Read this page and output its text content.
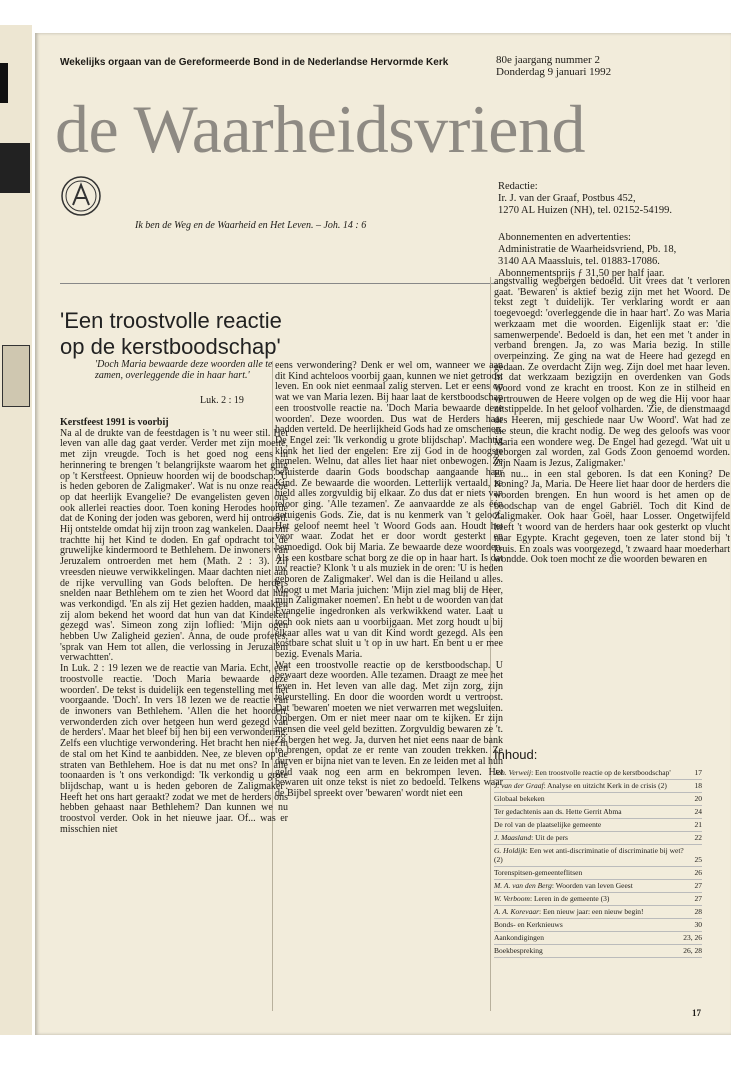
Wekelijks orgaan van de Gereformeerde Bond in de Nederlandse Hervormde Kerk	80e jaargang nummer 2
Donderdag 9 januari 1992
de Waarheidsvriend
Ik ben de Weg en de Waarheid en Het Leven. – Joh. 14 : 6
Redactie:
Ir. J. van der Graaf, Postbus 452,
1270 AL Huizen (NH), tel. 02152-54199.
Abonnementen en advertenties:
Administratie de Waarheidsvriend, Pb. 18,
3140 AA Maassluis, tel. 01883-17086.
Abonnementsprijs ƒ 31,50 per half jaar.
'Een troostvolle reactie op de kerstboodschap'
'Doch Maria bewaarde deze woorden alle te zamen, overleggende die in haar hart.'
Luk. 2 : 19

Kerstfeest 1991 is voorbij

Na al de drukte van de feestdagen is 't nu weer stil. Het leven van alle dag gaat verder. Verder met zijn moeite, met zijn vreugde. Toch is het goed nog eens in herinnering te brengen 't belangrijkste waarom het ging op 't Kerstfeest. Opnieuw hoorden wij de boodschap: 'U is heden geboren de Zaligmaker'. Wat is nu onze reactie op dat heerlijk Evangelie? De evangelisten geven ons ook allerlei reacties door. Toen koning Herodes hoorde dat de Koning der joden was geboren, werd hij ontroerd. Hij ontstelde omdat hij zijn troon zag wankelen. Daarom trachtte hij het Kind te doden. En gaf opdracht tot de gruwelijke kindermoord te Bethlehem. De inwoners van Jeruzalem ontroerden met hem (Math. 2 : 3). Zij vreesden nieuwe verwikkelingen. Maar dachten niet aan de rijke vervulling van Gods beloften. De herders snelden naar Bethlehem om te zien het Woord dat hun was verkondigd. 'En als zij Het gezien hadden, maakten zij alom bekend het woord dat hun van dat Kindeken gezegd was'. Simeon zong zijn loflied: 'Mijn ogen hebben Uw Zaligheid gezien'. Anna, de oude profetes, 'sprak van Hem tot allen, die verlossing in Jeruzalem verwachtten'.

In Luk. 2 : 19 lezen we de reactie van Maria. Echt, een troostvolle reactie. 'Doch Maria bewaarde deze woorden'. De tekst is duidelijk een tegenstelling met het voorgaande. 'Doch'. In vers 18 lezen we de reactie van de inwoners van Bethlehem. 'Allen die het hoorden, verwonderden zich over hetgeen hun werd gezegd van de herders'. Maar het bleef bij hen bij een verwondering. Zelfs een vluchtige verwondering. Het bracht hen niet in de stal om het Kind te aanbidden. Nee, ze bleven op de straten van Bethlehem. Hoe is dat nu met ons? In alle toonaarden is 't ons verkondigd: 'Ik verkondig u grote blijdschap, want u is heden geboren de Zaligmaker'. Heeft het ons hart geraakt? zodat we met de herders ons hebben gehaast naar Bethlehem? Dan kunnen we nu troostvol verder. Ook in het nieuwe jaar. Of... was er misschien niet

eens verwondering? Denk er wel om, wanneer we aan dit Kind achteloos voorbij gaan, kunnen we niet getroost leven. En ook niet eenmaal zalig sterven. Let er eens op wat we van Maria lezen. Bij haar laat de kerstboodschap een troostvolle reactie na. 'Doch Maria bewaarde deze woorden'. Deze woorden. Dus wat de Herders haar hadden verteld. De heerlijkheid Gods had ze omschenen. De Engel zei: 'Ik verkondig u grote blijdschap'. Machtig klonk het lied der engelen: Ere zij God in de hoogste hemelen. Welnu, dat alles liet haar niet onbewogen. Ze beluisterde daarin Gods boodschap aangaande haar Kind. Ze bewaarde die woorden. Letterlijk vertaald, ze hield alles zorgvuldig bij elkaar. Zo dus dat er niets van teloor ging. 'Alle tezamen'. Ze aanvaardde ze als één getuigenis Gods. Zie, dat is nu kenmerk van 't geloof. Het geloof neemt heel 't Woord Gods aan. Houdt het voor waar. Zodat het er door wordt gesterkt en bemoedigd. Ook bij Maria. Ze bewaarde deze woorden. Als een kostbare schat borg ze die op in haar hart. Is dat uw reactie? Klonk 't u als muziek in de oren: 'U is heden geboren de Zaligmaker'. Wel dan is die Heiland u alles. Moogt u met Maria juichen: 'Mijn ziel mag blij de Heer, mijn Zaligmaker noemen'. En hebt u de woorden van dat Evangelie ingedronken als verkwikkend water. Laat u toch ook niets aan u voorbijgaan. Met zorg houdt u bij elkaar alles wat u van dit Kind wordt gezegd. Als een kostbare schat sluit u 't op in uw hart. En bent u er mee bezig. Evenals Maria.

Wat een troostvolle reactie op de kerstboodschap. U bewaart deze woorden. Alle tezamen. Draagt ze mee het leven in. Het leven van alle dag. Met zijn zorg, zijn teleurstelling. En door die woorden wordt u vertroost. Dat 'bewaren' moeten we niet verwarren met wegsluiten. Opbergen. Om er niet meer naar om te kijken. Er zijn mensen die veel geld bezitten. Zorgvuldig bewaren ze 't. Ze bergen het weg. Ja, durven het niet eens naar de bank te brengen, opdat ze er rente van zouden trekken. Ze durven er bijna niet van te leven. En ze leiden met al hun geld vaak nog een arm en bekrompen leven. Het bewaren uit onze tekst is niet zo bedoeld. Telkens waar de Bijbel spreekt over 'bewaren' wordt niet een

angstvallig wegbergen bedoeld. Uit vrees dat 't verloren gaat. 'Bewaren' is aktief bezig zijn met het Woord. De tekst zegt 't duidelijk. Ter verklaring wordt er aan toegevoegd: 'overleggende die in haar hart'. Zo was Maria werkzaam met die woorden. Eigenlijk staat er: 'die samenwerpende'. Bedoeld is dan, het een met 't ander in verband brengen. Ja, zo was Maria bezig. In stille overpeinzing. Ze ging na wat de Heere had gezegd en gedaan. Ze overdacht Zijn weg. Zijn doel met haar leven. In dat werkzaam bezigzijn en overdenken van Gods Woord vond ze kracht en troost. Kon ze in stilheid en vertrouwen de Heere volgen op de weg die Hij voor haar uitstippelde. In het geloof volharden. 'Zie, de dienstmaagd des Heeren, mij geschiede naar Uw Woord'. Wat had ze die steun, die kracht nodig. De weg des geloofs was voor Maria een wondere weg. De Engel had gezegd. 'Wat uit u geborgen zal worden, zal Gods Zoon genoemd worden. Zijn Naam is Jezus, Zaligmaker.'

En nu... in een stal geboren. Is dat een Koning? De Koning? Ja, Maria. De Heere liet haar door de herders die woorden brengen. En hun woord is het amen op de boodschap van de engel Gabriël. Toch dit Kind de Zaligmaker. Ook haar Goël, haar Losser. Ongetwijfeld heeft 't woord van de herders haar ook gesterkt op vlucht naar Egypte. Kracht gegeven, toen ze later stond bij 't kruis. En zoals was voorgezegd, 't zwaard haar moederhart wondde. Ook toen mocht ze die woorden bewaren en

Inhoud:
Joh. Verweij: Een troostvolle reactie op de kerstboodschap'	17
J. van der Graaf: Analyse en uitzicht Kerk in de crisis (2)	18
Globaal bekeken	20
Ter gedachtenis aan ds. Hette Gerrit Abma	24
De rol van de plaatselijke gemeente	21
J. Maasland: Uit de pers	22
G. Holdijk: Een wet anti-discriminatie of discriminatie bij wet? (2)	25
Torenspitsen-gemeenteflitsen	26
M. A. van den Berg: Woorden van leven Geest	27
W. Verboom: Leren in de gemeente (3)	27
A. A. Korevaar: Een nieuw jaar: een nieuw begin!	28
Bonds- en Kerknieuws	30
Aankondigingen	23, 26
Boekbespreking	26, 28
17
